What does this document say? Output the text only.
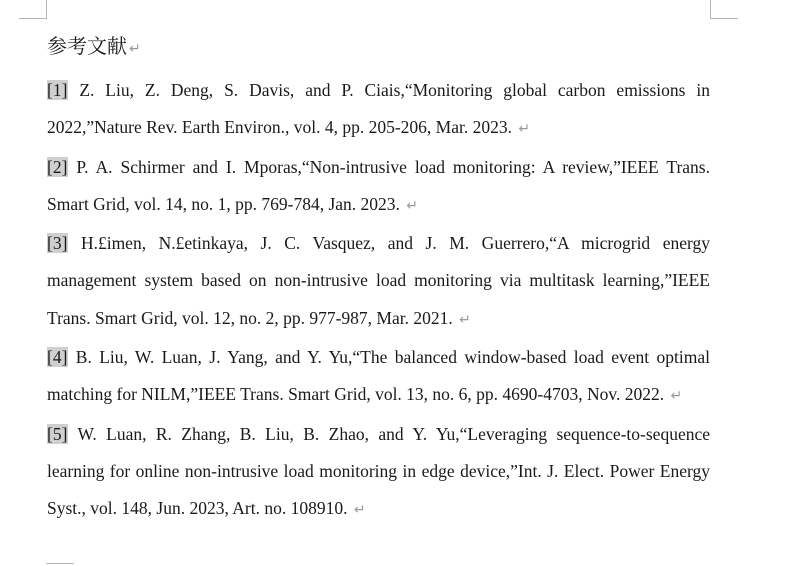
参考文献 ↵

[1] Z. Liu, Z. Deng, S. Davis, and P. Ciais,“Monitoring global carbon emissions in 2022,”Nature Rev. Earth Environ., vol. 4, pp. 205-206, Mar. 2023. ↵

[2] P. A. Schirmer and I. Mporas,“Non-intrusive load monitoring: A review,”IEEE Trans. Smart Grid, vol. 14, no. 1, pp. 769-784, Jan. 2023. ↵

[3] H.£imen, N.£etinkaya, J. C. Vasquez, and J. M. Guerrero,“A microgrid energy management system based on non-intrusive load monitoring via multitask learning,”IEEE Trans. Smart Grid, vol. 12, no. 2, pp. 977-987, Mar. 2021. ↵

[4] B. Liu, W. Luan, J. Yang, and Y. Yu,“The balanced window-based load event optimal matching for NILM,”IEEE Trans. Smart Grid, vol. 13, no. 6, pp. 4690-4703, Nov. 2022. ↵

[5] W. Luan, R. Zhang, B. Liu, B. Zhao, and Y. Yu,“Leveraging sequence-to-sequence learning for online non-intrusive load monitoring in edge device,”Int. J. Elect. Power Energy Syst., vol. 148, Jun. 2023, Art. no. 108910. ↵
